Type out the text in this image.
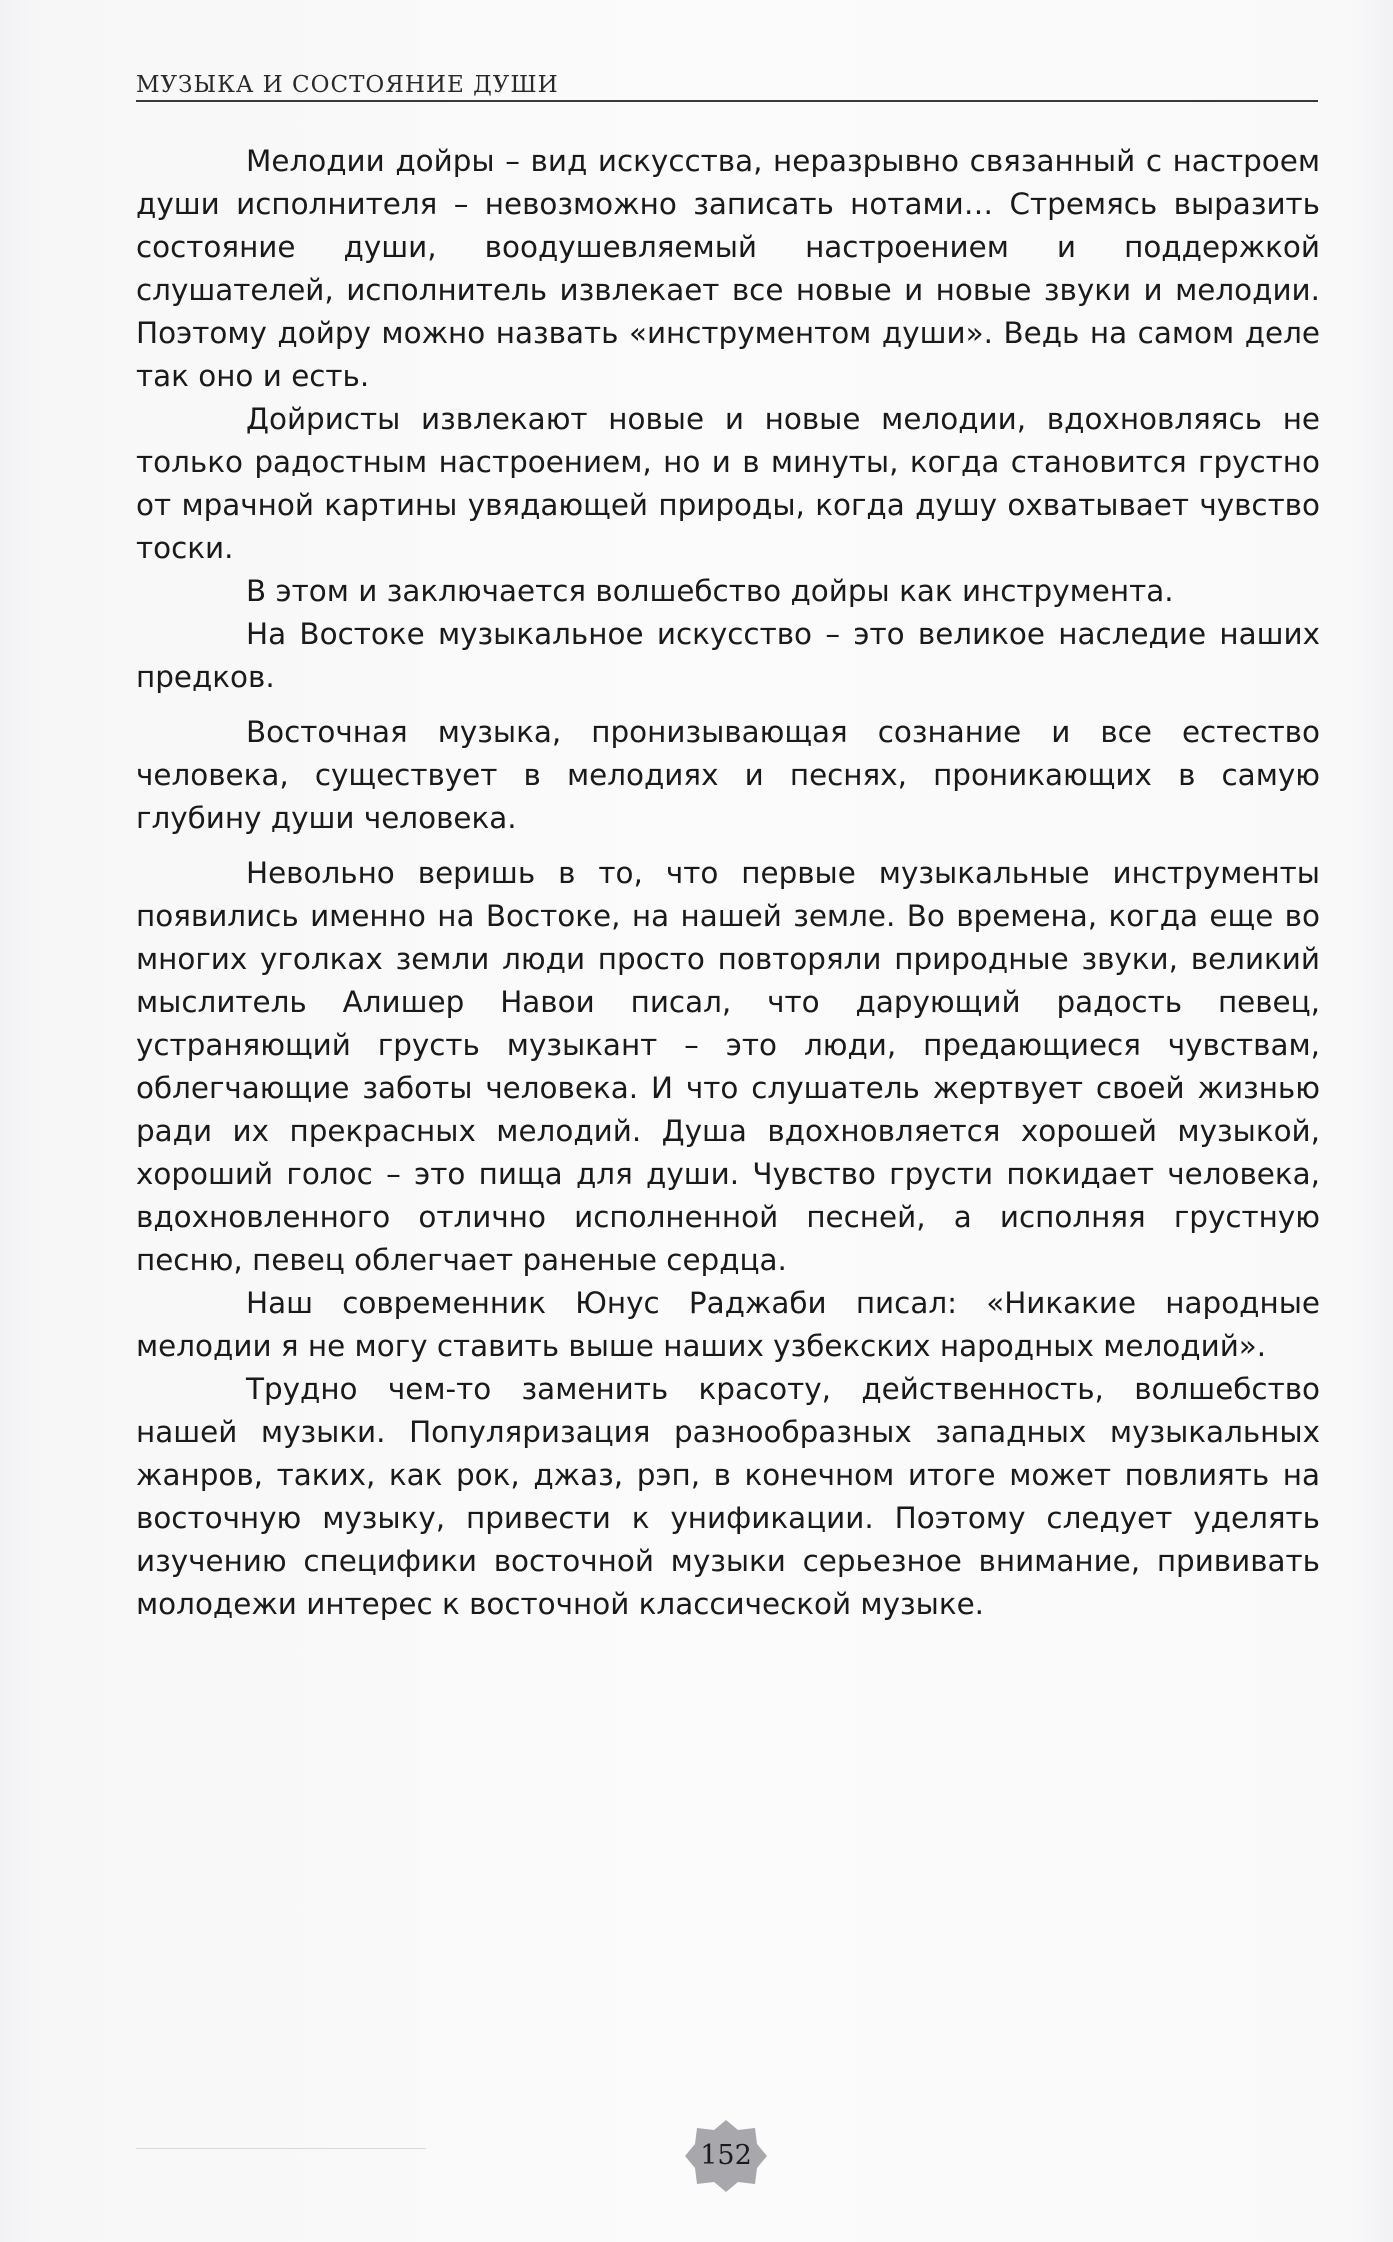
МУЗЫКА И СОСТОЯНИЕ ДУШИ

Мелодии дойры – вид искусства, неразрывно связанный с настроем души исполнителя – невозможно записать нотами… Стремясь выразить состояние души, воодушевляемый настроением и поддержкой слушателей, исполнитель извлекает все новые и новые звуки и мелодии. Поэтому дойру можно назвать «инструментом души». Ведь на самом деле так оно и есть.

Дойристы извлекают новые и новые мелодии, вдохновляясь не только радостным настроением, но и в минуты, когда становится грустно от мрачной картины увядающей природы, когда душу охватывает чувство тоски.

В этом и заключается волшебство дойры как инструмента.

На Востоке музыкальное искусство – это великое наследие наших предков.

Восточная музыка, пронизывающая сознание и все естество человека, существует в мелодиях и песнях, проникающих в самую глубину души человека.

Невольно веришь в то, что первые музыкальные инструменты появились именно на Востоке, на нашей земле. Во времена, когда еще во многих уголках земли люди просто повторяли природные звуки, великий мыслитель Алишер Навои писал, что дарующий радость певец, устраняющий грусть музыкант – это люди, предающиеся чувствам, облегчающие заботы человека. И что слушатель жертвует своей жизнью ради их прекрасных мелодий. Душа вдохновляется хорошей музыкой, хороший голос – это пища для души. Чувство грусти покидает человека, вдохновленного отлично исполненной песней, а исполняя грустную песню, певец облегчает раненые сердца.

Наш современник Юнус Раджаби писал: «Никакие народные мелодии я не могу ставить выше наших узбекских народных мелодий».

Трудно чем-то заменить красоту, действенность, волшебство нашей музыки. Популяризация разнообразных западных музыкальных жанров, таких, как рок, джаз, рэп, в конечном итоге может повлиять на восточную музыку, привести к унификации. Поэтому следует уделять изучению специфики восточной музыки серьезное внимание, прививать молодежи интерес к восточной классической музыке.

152
